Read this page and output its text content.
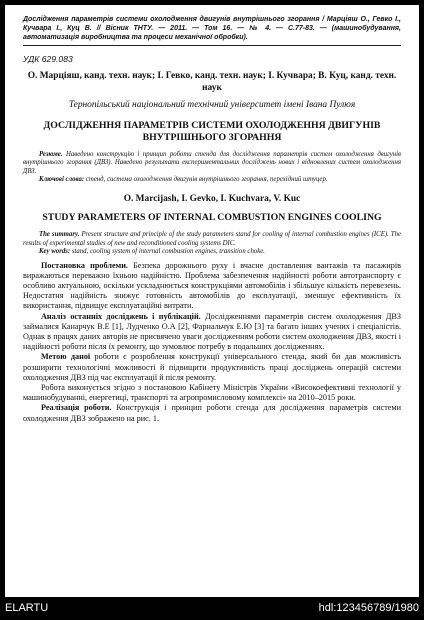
Дослідження параметрів системи охолодження двигунів внутрішнього згорання / Марціяш О., Гевко І., Кучвара І., Куц В. // Вісник ТНТУ. — 2011. — Том 16. — № 4. — С.77-83. — (машинобудування, автоматизація виробництва та процеси механічної обробки).
УДК 629.083
О. Марціяш, канд. техн. наук; І. Гевко, канд. техн. наук; І. Кучвара; В. Куц, канд. техн. наук
Тернопільський національний технічний університет імені Івана Пулюя
ДОСЛІДЖЕННЯ ПАРАМЕТРІВ СИСТЕМИ ОХОЛОДЖЕННЯ ДВИГУНІВ ВНУТРІШНЬОГО ЗГОРАННЯ
Резюме. Наведено конструкцію і принцип роботи стенда для дослідження параметрів систем охолодження двигунів внутрішнього згорання (ДВЗ). Наведено результати експериментальних досліджень нових і відновлених систем охолодження ДВЗ.
Ключові слова: стенд, система охолодження двигунів внутрішнього згорання, перехідний штуцер.
O. Marcijash, I. Gevko, I. Kuchvara, V. Kuc
STUDY PARAMETERS OF INTERNAL COMBUSTION ENGINES COOLING
The summary. Present structure and principle of the study parameters stand for cooling of internal combustion engines (ICE). The results of experimental studies of new and reconditioned cooling systems DIC.
Key words: stand, cooling system of internal combustion engines, transition choke.

Постановка проблеми. Безпека дорожнього руху і вчасне доставлення вантажів та пасажирів виражаються переважно їхньою надійністю. Проблема забезпечення надійності роботи автотранспорту є особливо актуальною, оскільки ускладнюється конструкціями автомобілів і збільшує кількість перевезень. Недостатня надійність знижує готовність автомобілів до експлуатації, зменшує ефективність їх використання, підвищує експлуатаційні витрати.

Аналіз останніх досліджень і публікацій. Дослідженнями параметрів систем охолодження ДВЗ займалися Канарчук В.Е [1], Лудченко О.А [2], Фарнальчук Е.Ю [3] та багато інших учених і спеціалістів. Однак в працях даних авторів не присвячено уваги дослідженням роботи систем охолодження ДВЗ, якості і надійності роботи після їх ремонту, що зумовлює потребу в подальших дослідженнях.

Метою даної роботи є розроблення конструкції універсального стенда, який би дав можливість розширити технологічні можливості й підвищити продуктивність праці досліджень операцій системи охолодження ДВЗ під час експлуатації й після ремонту.

Робота виконується згідно з постановою Кабінету Міністрів України «Високоефективні технології у машинобудуванні, енергетиці, транспорті та агропромисловому комплексі» на 2010–2015 роки.

Реалізація роботи. Конструкція і принцип роботи стенда для дослідження параметрів системи охолодження ДВЗ зображено на рис. 1.

ELARTU	hdl:123456789/1980
